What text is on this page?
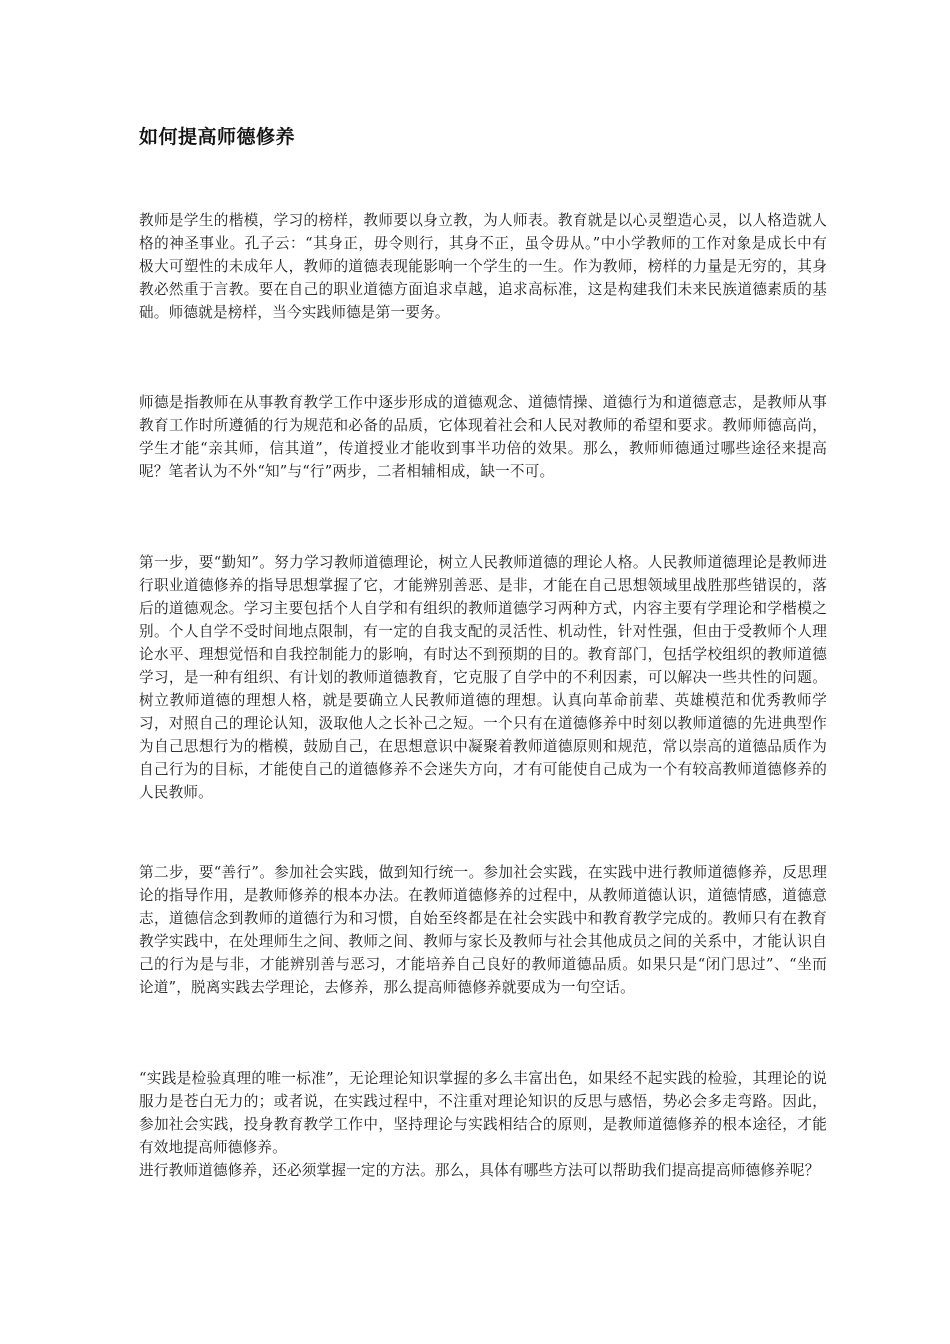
如何提高师德修养

教师是学生的楷模，学习的榜样，教师要以身立教，为人师表。教育就是以心灵塑造心灵，以人格造就人格的神圣事业。孔子云：“其身正，毋令则行，其身不正，虽令毋从。”中小学教师的工作对象是成长中有极大可塑性的未成年人，教师的道德表现能影响一个学生的一生。作为教师，榜样的力量是无穷的，其身教必然重于言教。要在自己的职业道德方面追求卓越，追求高标准，这是构建我们未来民族道德素质的基础。师德就是榜样，当今实践师德是第一要务。

师德是指教师在从事教育教学工作中逐步形成的道德观念、道德情操、道德行为和道德意志，是教师从事教育工作时所遵循的行为规范和必备的品质，它体现着社会和人民对教师的希望和要求。教师师德高尚，学生才能“亲其师，信其道”，传道授业才能收到事半功倍的效果。那么，教师师德通过哪些途径来提高呢？笔者认为不外“知”与“行”两步，二者相辅相成，缺一不可。

第一步，要“勤知”。努力学习教师道德理论，树立人民教师道德的理论人格。人民教师道德理论是教师进行职业道德修养的指导思想掌握了它，才能辨别善恶、是非，才能在自己思想领域里战胜那些错误的，落后的道德观念。学习主要包括个人自学和有组织的教师道德学习两种方式，内容主要有学理论和学楷模之别。个人自学不受时间地点限制，有一定的自我支配的灵活性、机动性，针对性强，但由于受教师个人理论水平、理想觉悟和自我控制能力的影响，有时达不到预期的目的。教育部门，包括学校组织的教师道德学习，是一种有组织、有计划的教师道德教育，它克服了自学中的不利因素，可以解决一些共性的问题。树立教师道德的理想人格，就是要确立人民教师道德的理想。认真向革命前辈、英雄模范和优秀教师学习，对照自己的理论认知，汲取他人之长补己之短。一个只有在道德修养中时刻以教师道德的先进典型作为自己思想行为的楷模，鼓励自己，在思想意识中凝聚着教师道德原则和规范，常以崇高的道德品质作为自己行为的目标，才能使自己的道德修养不会迷失方向，才有可能使自己成为一个有较高教师道德修养的人民教师。

第二步，要“善行”。参加社会实践，做到知行统一。参加社会实践，在实践中进行教师道德修养，反思理论的指导作用，是教师修养的根本办法。在教师道德修养的过程中，从教师道德认识，道德情感，道德意志，道德信念到教师的道德行为和习惯，自始至终都是在社会实践中和教育教学完成的。教师只有在教育教学实践中，在处理师生之间、教师之间、教师与家长及教师与社会其他成员之间的关系中，才能认识自己的行为是与非，才能辨别善与恶习，才能培养自己良好的教师道德品质。如果只是“闭门思过”、“坐而论道”，脱离实践去学理论，去修养，那么提高师德修养就要成为一句空话。

“实践是检验真理的唯一标准”，无论理论知识掌握的多么丰富出色，如果经不起实践的检验，其理论的说服力是苍白无力的；或者说，在实践过程中，不注重对理论知识的反思与感悟，势必会多走弯路。因此，参加社会实践，投身教育教学工作中，坚持理论与实践相结合的原则，是教师道德修养的根本途径，才能有效地提高师德修养。
进行教师道德修养，还必须掌握一定的方法。那么，具体有哪些方法可以帮助我们提高提高师德修养呢？
